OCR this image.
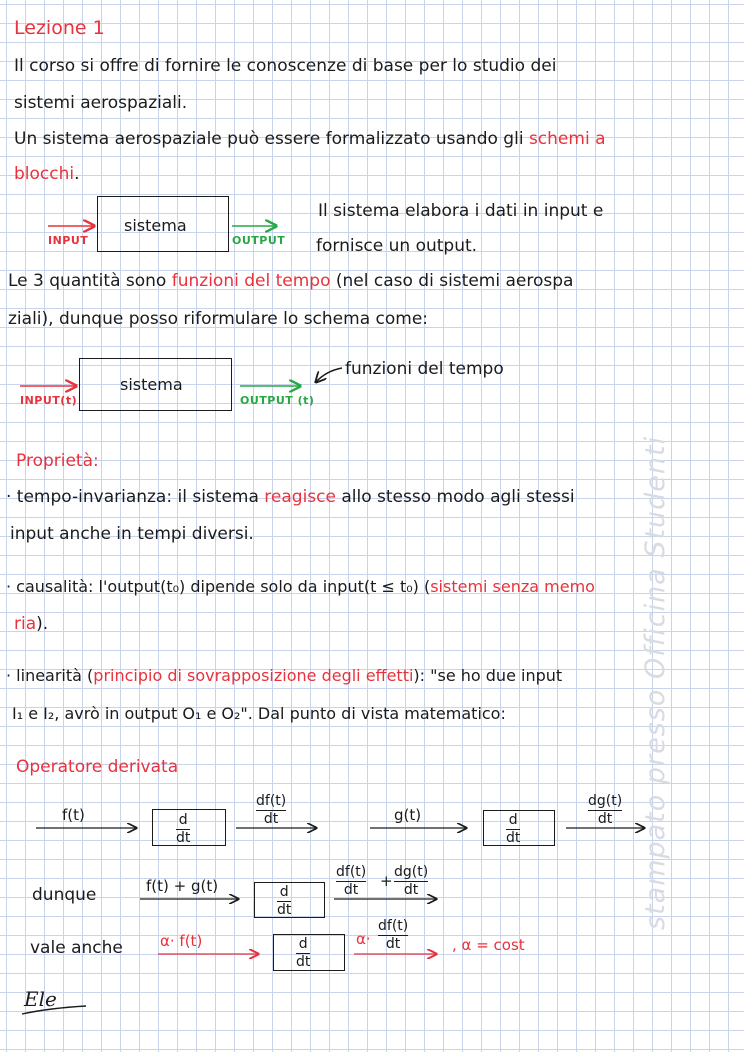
Lezione 1
Il corso si offre di fornire le conoscenze di base per lo studio dei
sistemi aerospaziali.
Un sistema aerospaziale può essere formalizzato usando gli schemi a
blocchi.
INPUT
sistema
OUTPUT
Il sistema elabora i dati in input e
fornisce un output.
Le 3 quantità sono funzioni del tempo (nel caso di sistemi aerospa
ziali), dunque posso riformulare lo schema come:
INPUT(t)
sistema
OUTPUT (t)
funzioni del tempo
Proprietà:
· tempo-invarianza: il sistema reagisce allo stesso modo agli stessi
input anche in tempi diversi.
· causalità: l'output(t₀) dipende solo da input(t ≤ t₀) (sistemi senza memo
ria).
· linearità (principio di sovrapposizione degli effetti): "se ho due input
I₁ e I₂, avrò in output O₁ e O₂". Dal punto di vista matematico:
Operatore derivata
f(t)	d
dt
df(t)
dt	g(t)	d
dt
dg(t)
dt
dunque	f(t) + g(t)	d
dt
df(t)
dt + dg(t)
dt
vale anche α· f(t)	d
dt
α·
df(t)
dt	, α = cost
Ele
stampato presso Officina Studenti
